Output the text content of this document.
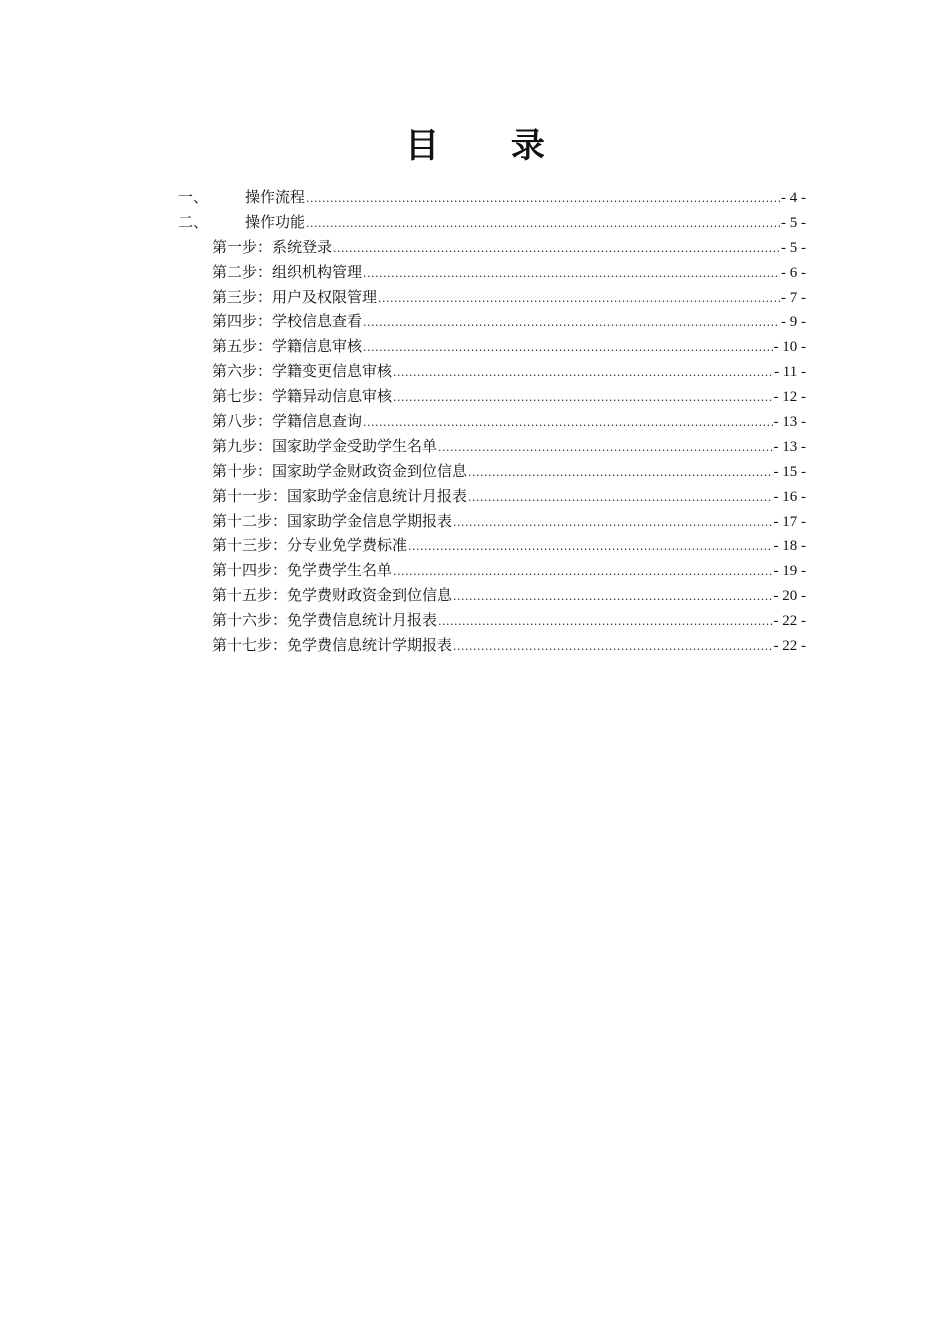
目 录
一、	操作流程 .....	- 4 -
二、	操作功能 .....	- 5 -
第一步：系统登录 .....	- 5 -
第二步：组织机构管理 .....	- 6 -
第三步：用户及权限管理 .....	- 7 -
第四步：学校信息查看 .....	- 9 -
第五步：学籍信息审核 .....	- 10 -
第六步：学籍变更信息审核 .....	- 11 -
第七步：学籍异动信息审核 .....	- 12 -
第八步：学籍信息查询 .....	- 13 -
第九步：国家助学金受助学生名单 .....	- 13 -
第十步：国家助学金财政资金到位信息 .....	- 15 -
第十一步：国家助学金信息统计月报表 .....	- 16 -
第十二步：国家助学金信息学期报表 .....	- 17 -
第十三步：分专业免学费标准 .....	- 18 -
第十四步：免学费学生名单 .....	- 19 -
第十五步：免学费财政资金到位信息 .....	- 20 -
第十六步：免学费信息统计月报表 .....	- 22 -
第十七步：免学费信息统计学期报表 .....	- 22 -
